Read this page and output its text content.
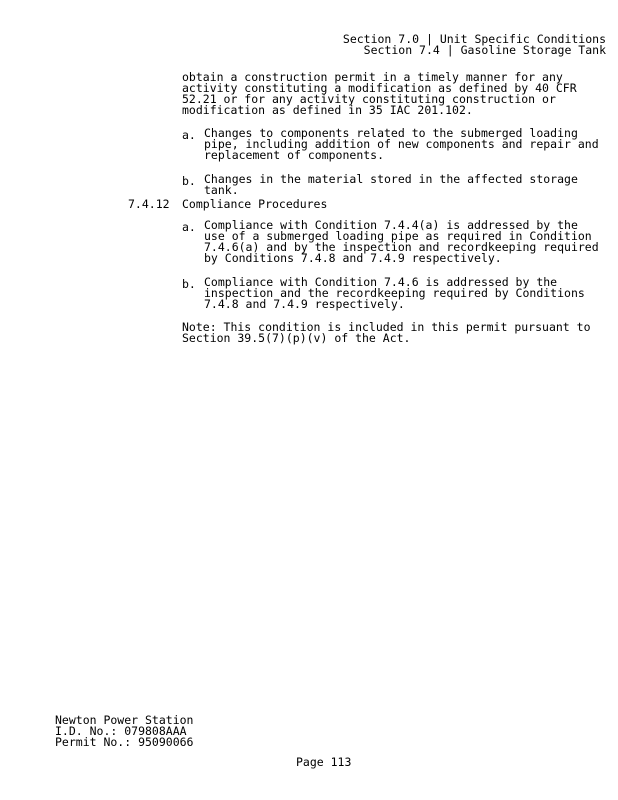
Section 7.0 | Unit Specific Conditions
Section 7.4 | Gasoline Storage Tank
obtain a construction permit in a timely manner for any activity constituting a modification as defined by 40 CFR 52.21 or for any activity constituting construction or modification as defined in 35 IAC 201.102.
a. Changes to components related to the submerged loading pipe, including addition of new components and repair and replacement of components.
b. Changes in the material stored in the affected storage tank.
7.4.12 Compliance Procedures
a. Compliance with Condition 7.4.4(a) is addressed by the use of a submerged loading pipe as required in Condition 7.4.6(a) and by the inspection and recordkeeping required by Conditions 7.4.8 and 7.4.9 respectively.
b. Compliance with Condition 7.4.6 is addressed by the inspection and the recordkeeping required by Conditions 7.4.8 and 7.4.9 respectively.
Note: This condition is included in this permit pursuant to Section 39.5(7)(p)(v) of the Act.
Newton Power Station
I.D. No.: 079808AAA
Permit No.: 95090066
Page 113
